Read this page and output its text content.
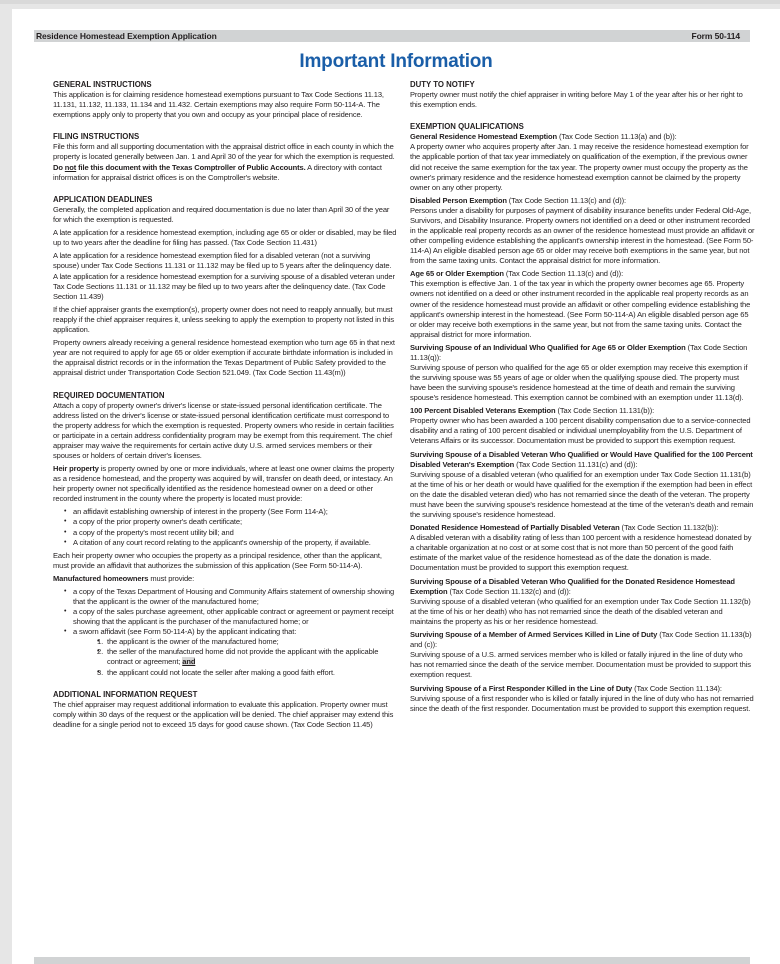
Residence Homestead Exemption Application	Form 50-114
Important Information
GENERAL INSTRUCTIONS

This application is for claiming residence homestead exemptions pursuant to Tax Code Sections 11.13, 11.131, 11.132, 11.133, 11.134 and 11.432. Certain exemptions may also require Form 50-114-A. The exemptions apply only to property that you own and occupy as your principal place of residence.

FILING INSTRUCTIONS

File this form and all supporting documentation with the appraisal district office in each county in which the property is located generally between Jan. 1 and April 30 of the year for which the exemption is requested. Do not file this document with the Texas Comptroller of Public Accounts. A directory with contact information for appraisal district offices is on the Comptroller's website.

APPLICATION DEADLINES

Generally, the completed application and required documentation is due no later than April 30 of the year for which the exemption is requested.

A late application for a residence homestead exemption, including age 65 or older or disabled, may be filed up to two years after the deadline for filing has passed. (Tax Code Section 11.431)

A late application for a residence homestead exemption filed for a disabled veteran (not a surviving spouse) under Tax Code Sections 11.131 or 11.132 may be filed up to 5 years after the delinquency date. A late application for a residence homestead exemption for a surviving spouse of a disabled veteran under Tax Code Sections 11.131 or 11.132 may be filed up to two years after the delinquency date. (Tax Code Section 11.439)

If the chief appraiser grants the exemption(s), property owner does not need to reapply annually, but must reapply if the chief appraiser requires it, unless seeking to apply the exemption to property not listed in this application.

Property owners already receiving a general residence homestead exemption who turn age 65 in that next year are not required to apply for age 65 or older exemption if accurate birthdate information is included in the appraisal district records or in the information the Texas Department of Public Safety provided to the appraisal district under Transportation Code Section 521.049. (Tax Code Section 11.43(m))

REQUIRED DOCUMENTATION

Attach a copy of property owner's driver's license or state-issued personal identification certificate. The address listed on the driver's license or state-issued personal identification certificate must correspond to the property address for which the exemption is requested. Property owners who reside in certain facilities or participate in a certain address confidentiality program may be exempt from this requirement. The chief appraiser may waive the requirements for certain active duty U.S. armed services members or their spouses or holders of certain driver's licenses.

Heir property is property owned by one or more individuals, where at least one owner claims the property as a residence homestead, and the property was acquired by will, transfer on death deed, or intestacy. An heir property owner not specifically identified as the residence homestead owner on a deed or other recorded instrument in the county where the property is located must provide:

• an affidavit establishing ownership of interest in the property (See Form 114-A);
• a copy of the prior property owner's death certificate;
• a copy of the property's most recent utility bill; and
• A citation of any court record relating to the applicant's ownership of the property, if available.

Each heir property owner who occupies the property as a principal residence, other than the applicant, must provide an affidavit that authorizes the submission of this application (See Form 50-114-A).

Manufactured homeowners must provide:

• a copy of the Texas Department of Housing and Community Affairs statement of ownership showing that the applicant is the owner of the manufactured home;
• a copy of the sales purchase agreement, other applicable contract or agreement or payment receipt showing that the applicant is the purchaser of the manufactured home; or
• a sworn affidavit (see Form 50-114-A) by the applicant indicating that:
• 1. the applicant is the owner of the manufactured home;
• 2. the seller of the manufactured home did not provide the applicant with the applicable contract or agreement; and
• 3. the applicant could not locate the seller after making a good faith effort.
ADDITIONAL INFORMATION REQUEST

The chief appraiser may request additional information to evaluate this application. Property owner must comply within 30 days of the request or the application will be denied. The chief appraiser may extend this deadline for a single period not to exceed 15 days for good cause shown. (Tax Code Section 11.45)

DUTY TO NOTIFY

Property owner must notify the chief appraiser in writing before May 1 of the year after his or her right to this exemption ends.

EXEMPTION QUALIFICATIONS
General Residence Homestead Exemption (Tax Code Section 11.13(a) and (b)):
A property owner who acquires property after Jan. 1 may receive the residence homestead exemption for the applicable portion of that tax year immediately on qualification of the exemption, if the previous owner did not receive the same exemption for the tax year. The property owner must occupy the property as the owner's primary residence and the residence homestead exemption cannot be claimed by the property owner on any other property.
Disabled Person Exemption (Tax Code Section 11.13(c) and (d)):
Persons under a disability for purposes of payment of disability insurance benefits under Federal Old-Age, Survivors, and Disability Insurance. Property owners not identified on a deed or other instrument recorded in the applicable real property records as an owner of the residence homestead must provide an affidavit or other compelling evidence establishing the applicant's ownership interest in the homestead. (See Form 50-114-A) An eligible disabled person age 65 or older may receive both exemptions in the same year, but not from the same taxing units. Contact the appraisal district for more information.
Age 65 or Older Exemption (Tax Code Section 11.13(c) and (d)):
This exemption is effective Jan. 1 of the tax year in which the property owner becomes age 65. Property owners not identified on a deed or other instrument recorded in the applicable real property records as an owner of the residence homestead must provide an affidavit or other compelling evidence establishing the applicant's ownership interest in the homestead. (See Form 50-114-A) An eligible disabled person age 65 or older may receive both exemptions in the same year, but not from the same taxing units. Contact the appraisal district for more information.
Surviving Spouse of an Individual Who Qualified for Age 65 or Older Exemption (Tax Code Section 11.13(q)):
Surviving spouse of person who qualified for the age 65 or older exemption may receive this exemption if the surviving spouse was 55 years of age or older when the qualifying spouse died. The property must have been the surviving spouse's residence homestead at the time of death and remain the surviving spouse's residence homestead. This exemption cannot be combined with an exemption under 11.13(d).
100 Percent Disabled Veterans Exemption (Tax Code Section 11.131(b)):
Property owner who has been awarded a 100 percent disability compensation due to a service-connected disability and a rating of 100 percent disabled or individual unemployability from the U.S. Department of Veterans Affairs or its successor. Documentation must be provided to support this exemption request.
Surviving Spouse of a Disabled Veteran Who Qualified or Would Have Qualified for the 100 Percent Disabled Veteran's Exemption (Tax Code Section 11.131(c) and (d)):
Surviving spouse of a disabled veteran (who qualified for an exemption under Tax Code Section 11.131(b) at the time of his or her death or would have qualified for the exemption if the exemption had been in effect on the date the disabled veteran died) who has not remarried since the death of the veteran. The property must have been the surviving spouse's residence homestead at the time of the veteran's death and remain the surviving spouse's residence homestead.
Donated Residence Homestead of Partially Disabled Veteran (Tax Code Section 11.132(b)):
A disabled veteran with a disability rating of less than 100 percent with a residence homestead donated by a charitable organization at no cost or at some cost that is not more than 50 percent of the good faith estimate of the market value of the residence homestead as of the date the donation is made. Documentation must be provided to support this exemption request.
Surviving Spouse of a Disabled Veteran Who Qualified for the Donated Residence Homestead Exemption (Tax Code Section 11.132(c) and (d)):
Surviving spouse of a disabled veteran (who qualified for an exemption under Tax Code Section 11.132(b) at the time of his or her death) who has not remarried since the death of the disabled veteran and maintains the property as his or her residence homestead.
Surviving Spouse of a Member of Armed Services Killed in Line of Duty (Tax Code Section 11.133(b) and (c)):
Surviving spouse of a U.S. armed services member who is killed or fatally injured in the line of duty who has not remarried since the death of the service member. Documentation must be provided to support this exemption request.
Surviving Spouse of a First Responder Killed in the Line of Duty (Tax Code Section 11.134):
Surviving spouse of a first responder who is killed or fatally injured in the line of duty who has not remarried since the death of the first responder. Documentation must be provided to support this exemption request.
